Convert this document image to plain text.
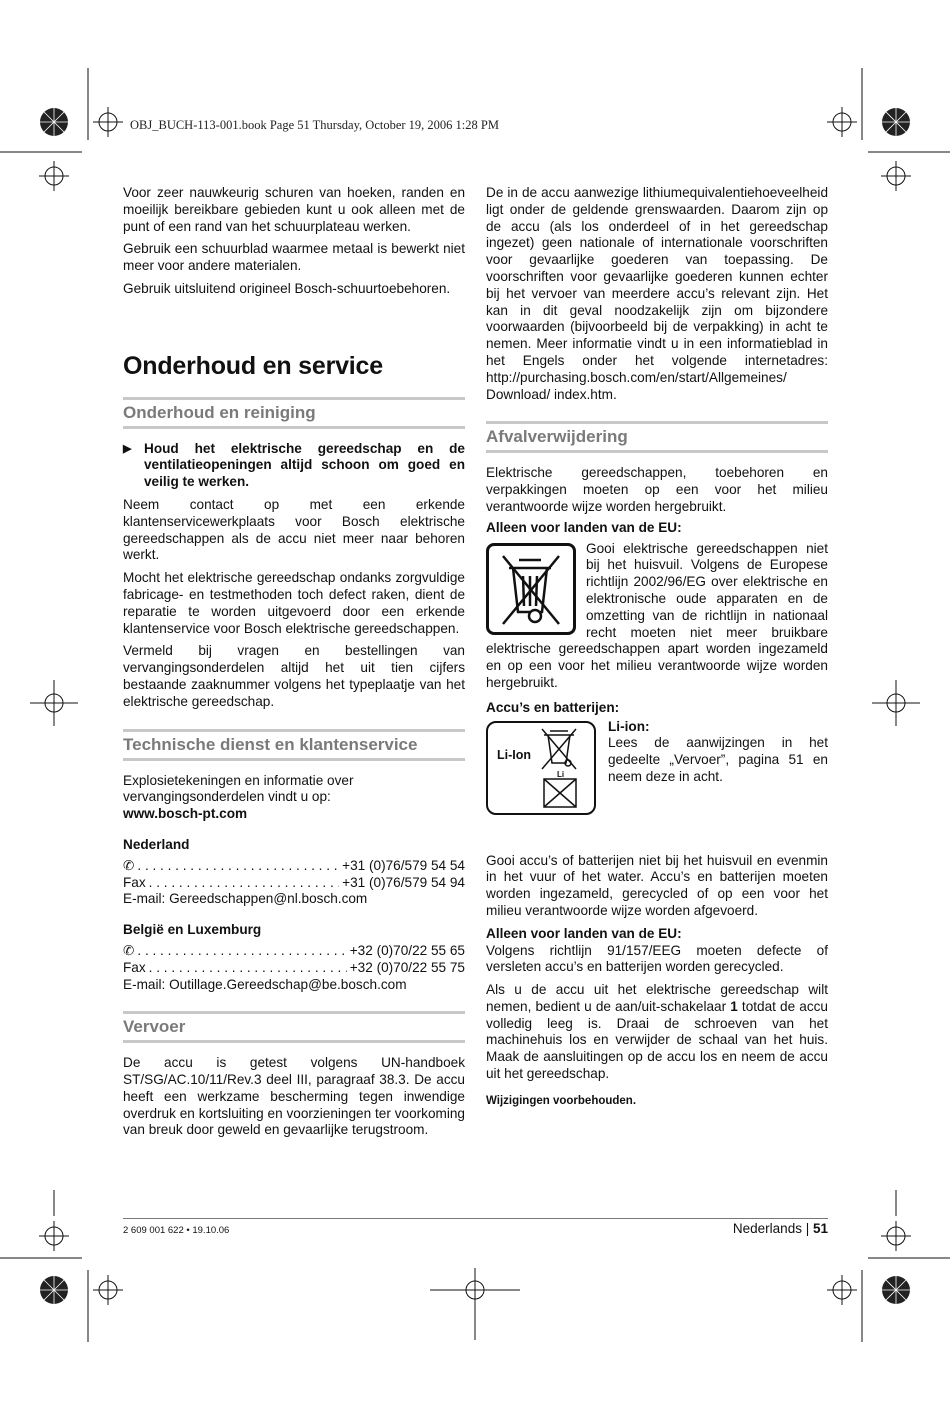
OBJ_BUCH-113-001.book Page 51 Thursday, October 19, 2006 1:28 PM

Voor zeer nauwkeurig schuren van hoeken, randen en moeilijk bereikbare gebieden kunt u ook alleen met de punt of een rand van het schuurplateau werken.

Gebruik een schuurblad waarmee metaal is bewerkt niet meer voor andere materialen.

Gebruik uitsluitend origineel Bosch-schuurtoebehoren.

Onderhoud en service
Onderhoud en reiniging
▶ Houd het elektrische gereedschap en de ventilatieopeningen altijd schoon om goed en veilig te werken.

Neem contact op met een erkende klantenservicewerkplaats voor Bosch elektrische gereedschappen als de accu niet meer naar behoren werkt.

Mocht het elektrische gereedschap ondanks zorgvuldige fabricage- en testmethoden toch defect raken, dient de reparatie te worden uitgevoerd door een erkende klantenservice voor Bosch elektrische gereedschappen.

Vermeld bij vragen en bestellingen van vervangingsonderdelen altijd het uit tien cijfers bestaande zaaknummer volgens het typeplaatje van het elektrische gereedschap.

Technische dienst en klantenservice

Explosietekeningen en informatie over vervangingsonderdelen vindt u op:

www.bosch-pt.com
Nederland
✆ . . .	+31 (0)76/579 54 54
Fax . . .	+31 (0)76/579 54 94
E-mail: Gereedschappen@nl.bosch.com
België en Luxemburg
✆ . . .	+32 (0)70/22 55 65
Fax . . .	+32 (0)70/22 55 75
E-mail: Outillage.Gereedschap@be.bosch.com
Vervoer

De accu is getest volgens UN-handboek ST/SG/AC.10/11/Rev.3 deel III, paragraaf 38.3. De accu heeft een werkzame bescherming tegen inwendige overdruk en kortsluiting en voorzieningen ter voorkoming van breuk door geweld en gevaarlijke terugstroom.

De in de accu aanwezige lithiumequivalentiehoeveelheid ligt onder de geldende grenswaarden. Daarom zijn op de accu (als los onderdeel of in het gereedschap ingezet) geen nationale of internationale voorschriften voor gevaarlijke goederen van toepassing. De voorschriften voor gevaarlijke goederen kunnen echter bij het vervoer van meerdere accu’s relevant zijn. Het kan in dit geval noodzakelijk zijn om bijzondere voorwaarden (bijvoorbeeld bij de verpakking) in acht te nemen. Meer informatie vindt u in een informatieblad in het Engels onder het volgende internetadres: http://purchasing.bosch.com/en/start/Allgemeines/ Download/ index.htm.

Afvalverwijdering

Elektrische gereedschappen, toebehoren en verpakkingen moeten op een voor het milieu verantwoorde wijze worden hergebruikt.

Alleen voor landen van de EU:

Gooi elektrische gereedschappen niet bij het huisvuil. Volgens de Europese richtlijn 2002/96/EG over elektrische en elektronische oude apparaten en de omzetting van de richtlijn in nationaal recht moeten niet meer bruikbare elektrische gereedschappen apart worden ingezameld en op een voor het milieu verantwoorde wijze worden hergebruikt.

Accu’s en batterijen:
Li-Ion
Li
Li-ion:

Lees de aanwijzingen in het gedeelte „Vervoer”, pagina 51 en neem deze in acht.

Gooi accu’s of batterijen niet bij het huisvuil en evenmin in het vuur of het water. Accu’s en batterijen moeten worden ingezameld, gerecycled of op een voor het milieu verantwoorde wijze worden afgevoerd.

Alleen voor landen van de EU:

Volgens richtlijn 91/157/EEG moeten defecte of versleten accu’s en batterijen worden gerecycled.

Als u de accu uit het elektrische gereedschap wilt nemen, bedient u de aan/uit-schakelaar 1 totdat de accu volledig leeg is. Draai de schroeven van het machinehuis los en verwijder de schaal van het huis. Maak de aansluitingen op de accu los en neem de accu uit het gereedschap.

Wijzigingen voorbehouden.
2 609 001 622 • 19.10.06	Nederlands | 51
